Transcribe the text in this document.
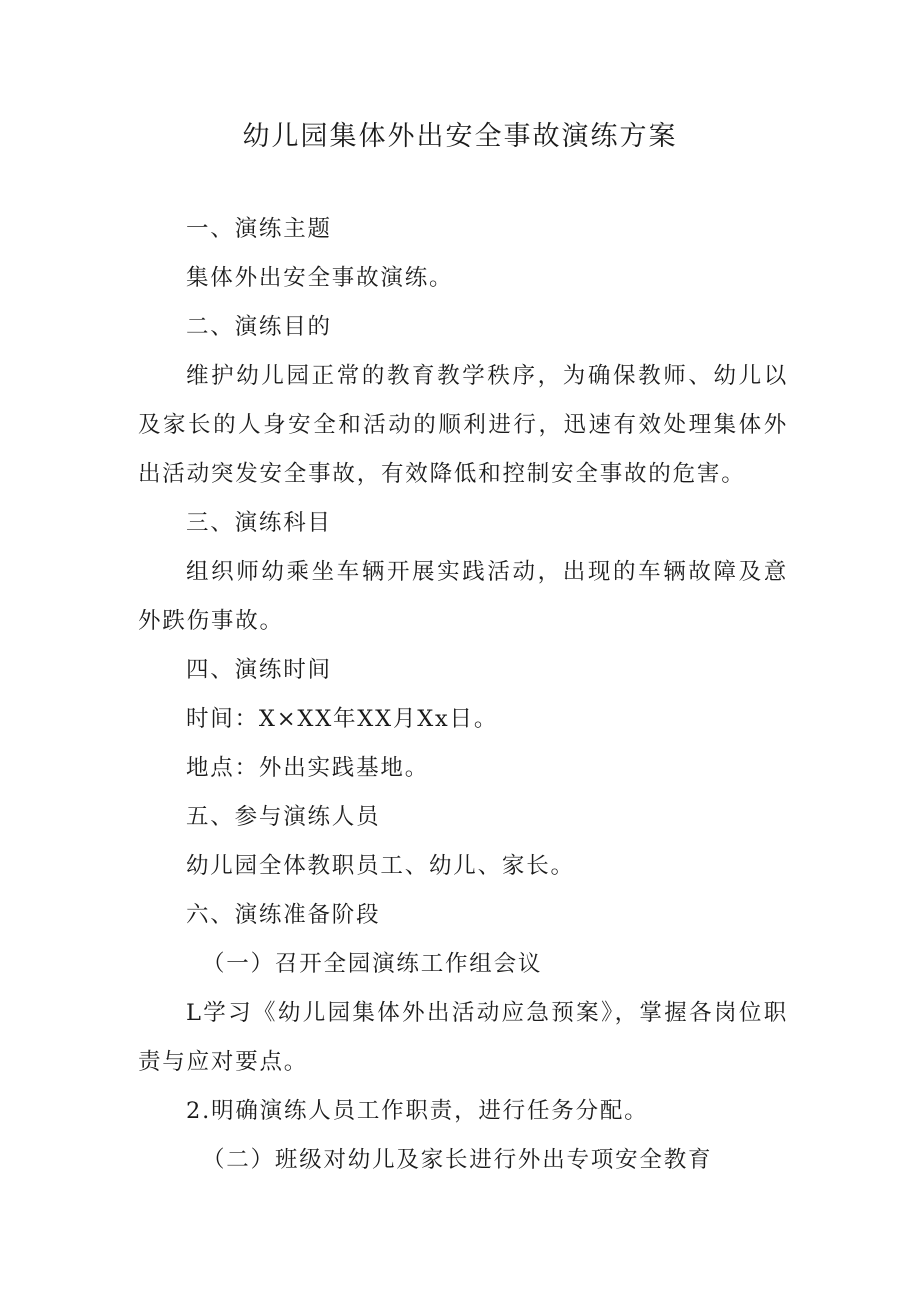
幼儿园集体外出安全事故演练方案

一、演练主题

集体外出安全事故演练。

二、演练目的

维护幼儿园正常的教育教学秩序，为确保教师、幼儿以及家长的人身安全和活动的顺利进行，迅速有效处理集体外出活动突发安全事故，有效降低和控制安全事故的危害。

三、演练科目

组织师幼乘坐车辆开展实践活动，出现的车辆故障及意外跌伤事故。

四、演练时间

时间：X×XX年XX月Xx日。

地点：外出实践基地。

五、参与演练人员

幼儿园全体教职员工、幼儿、家长。

六、演练准备阶段

（一）召开全园演练工作组会议

L学习《幼儿园集体外出活动应急预案》，掌握各岗位职责与应对要点。

2.明确演练人员工作职责，进行任务分配。

（二）班级对幼儿及家长进行外出专项安全教育
